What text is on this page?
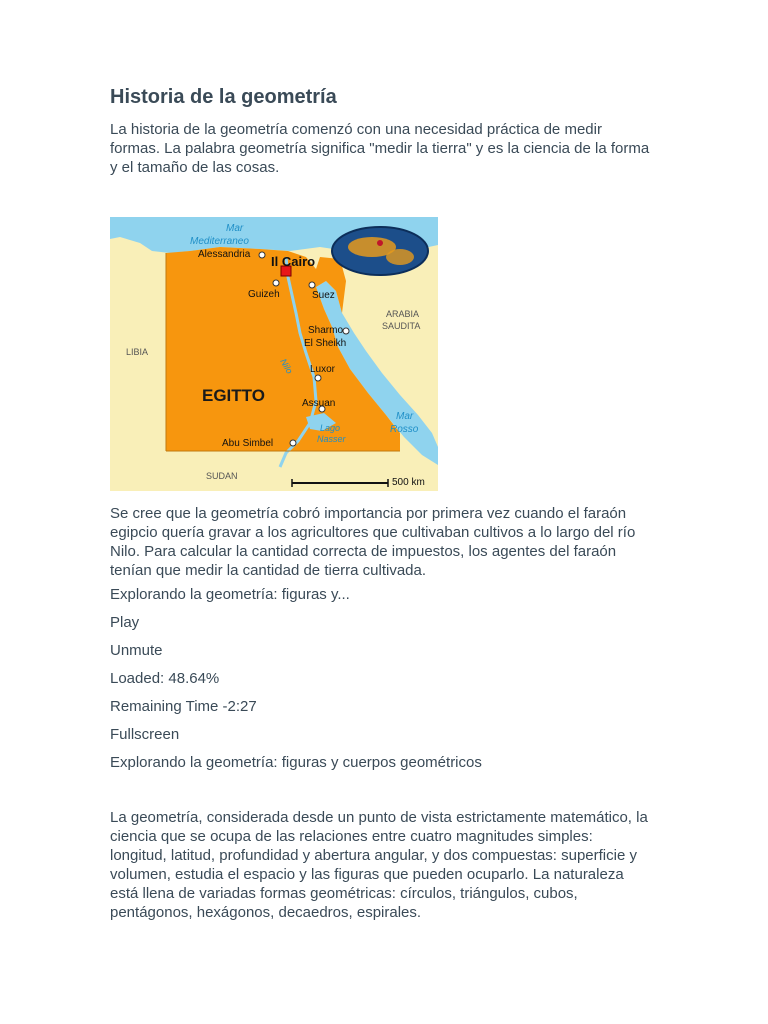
Historia de la geometría

La historia de la geometría comenzó con una necesidad práctica de medir formas. La palabra geometría significa "medir la tierra" y es la ciencia de la forma y el tamaño de las cosas.

Mar
Mediterraneo
Alessandria Il Cairo
Guizeh	Suez
ARABIA
SAUDITA
Sharmo
El Sheikh
LIBIA
Nilo Luxor
EGITTO	Assuan
Mar
Rosso
Lago
Nasser
Abu Simbel
SUDAN
500 km

Se cree que la geometría cobró importancia por primera vez cuando el faraón egipcio quería gravar a los agricultores que cultivaban cultivos a lo largo del río Nilo. Para calcular la cantidad correcta de impuestos, los agentes del faraón tenían que medir la cantidad de tierra cultivada.

Explorando la geometría: figuras y...

Play

Unmute

Loaded: 48.64%

Remaining Time -2:27

Fullscreen

Explorando la geometría: figuras y cuerpos geométricos

La geometría, considerada desde un punto de vista estrictamente matemático, la ciencia que se ocupa de las relaciones entre cuatro magnitudes simples: longitud, latitud, profundidad y abertura angular, y dos compuestas: superficie y volumen, estudia el espacio y las figuras que pueden ocuparlo. La naturaleza está llena de variadas formas geométricas: círculos, triángulos, cubos, pentágonos, hexágonos, decaedros, espirales.
